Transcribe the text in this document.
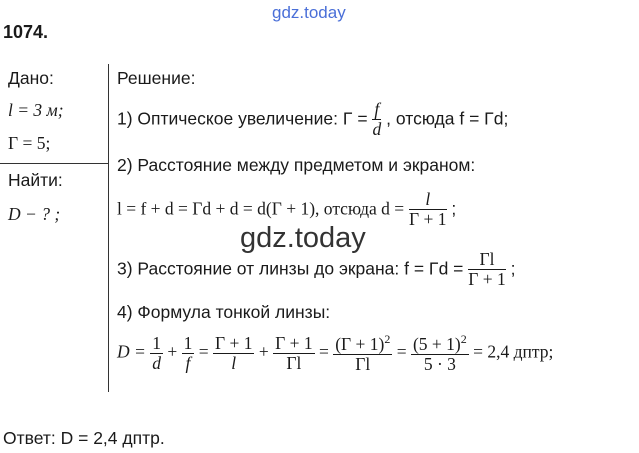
gdz.today
1074.
Дано:
l = 3 м;
Γ = 5;
Найти:
D − ? ;
Решение:
1) Оптическое увеличение: $\Gamma = \frac{f}{d}$ , отсюда f = Γd;
2) Расстояние между предметом и экраном:
l = f + d = Γd + d = d(Γ + 1), отсюда $d = \frac{l}{\Gamma + 1}$ ;
gdz.today
3) Расстояние от линзы до экрана: $f = \Gamma d = \frac{\Gamma l}{\Gamma + 1}$ ;
4) Формула тонкой линзы:
$D = \frac{1}{d} + \frac{1}{f} = \frac{\Gamma + 1}{l} + \frac{\Gamma + 1}{\Gamma l} = \frac{(\Gamma + 1)^2}{\Gamma l} = \frac{(5 + 1)^2}{5 \cdot 3} = 2,4$ дптр;
Ответ: D = 2,4 дптр.
